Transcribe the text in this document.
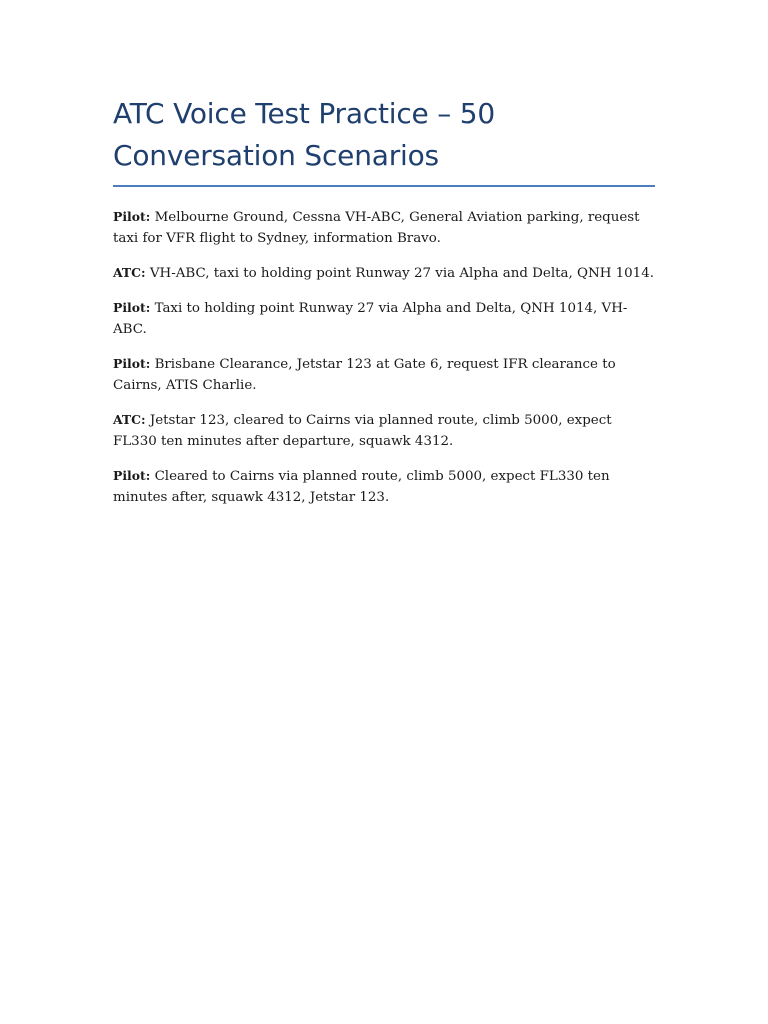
ATC Voice Test Practice – 50 Conversation Scenarios

Pilot: Melbourne Ground, Cessna VH-ABC, General Aviation parking, request taxi for VFR flight to Sydney, information Bravo.

ATC: VH-ABC, taxi to holding point Runway 27 via Alpha and Delta, QNH 1014.

Pilot: Taxi to holding point Runway 27 via Alpha and Delta, QNH 1014, VH-ABC.

Pilot: Brisbane Clearance, Jetstar 123 at Gate 6, request IFR clearance to Cairns, ATIS Charlie.

ATC: Jetstar 123, cleared to Cairns via planned route, climb 5000, expect FL330 ten minutes after departure, squawk 4312.

Pilot: Cleared to Cairns via planned route, climb 5000, expect FL330 ten minutes after, squawk 4312, Jetstar 123.
